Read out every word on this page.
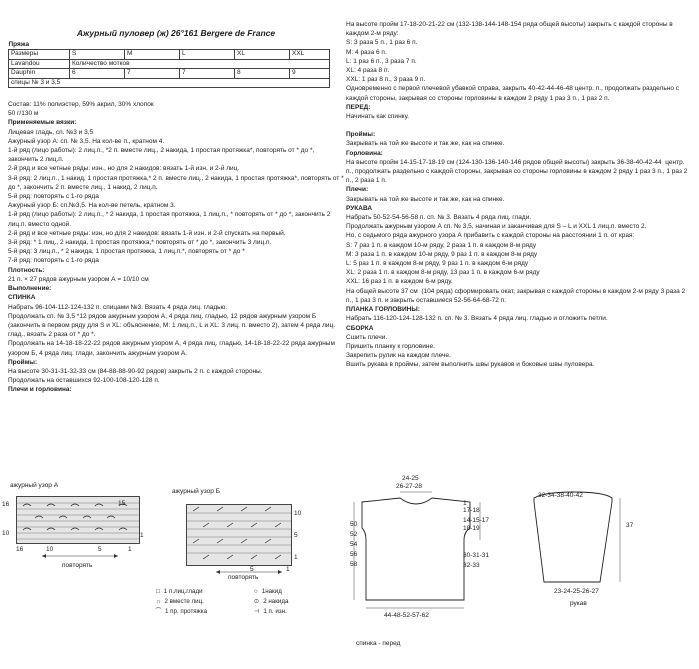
Ажурный пуловер (ж) 26°161 Bergere de France
Пряжа					
Размеры	S	M	L	XL	XXL
Lavandou	Количество мотков				
Dauphin	6	7	7	8	9
спицы № 3 и 3,5					

Состав: 11% полиэстер, 59% акрил, 30% хлопок

50 г/130 м

Применяемые вязки:

Лицевая гладь, сп. №3 и 3,5

Ажурный узор А: сп. № 3,5. На кол-ве п., кратном 4.

1-й ряд (лицо работы): 2 лиц.п., *2 п. вместе лиц., 2 накида, 1 простая протяжка*, повторять от * до *, закончить 2 лиц.п.

2-й ряд и все четные ряды: изн., но для 2 накидов: вязать 1-й изн. и 2-й лиц.

3-й ряд: 2 лиц.п., 1 накид, 1 простая протяжка,* 2 п. вместе лиц., 2 накида, 1 простая протяжка*, повторять от * до *, закончить 2 п. вместе лиц., 1 накид, 2 лиц.п.

5-й ряд: повторять с 1-го ряда

Ажурный узор Б: сп.№3,5. На кол-ве петель, кратном 3.

1-й ряд (лицо работы): 2 лиц.п., * 2 накида, 1 простая протяжка, 1 лиц.п., * повторять от * до *, закончить 2 лиц.п. вместо одной.

2-й ряд и все четные ряды: изн, но для 2 накидов: вязать 1-й изн. и 2-й спускать на первый.

3-й ряд: * 1 лиц., 2 накида, 1 простая протяжка,* повторять от * до *, закончить 3 лиц.п.

5-й ряд: 3 лиц.п., * 2 накида, 1 простая протяжка, 1 лиц.п.*, повторять от * до *

7-й ряд: повторять с 1-го ряда

Плотность:

21 п. × 27 рядов ажурным узором А = 10/10 см

Выполнение:

СПИНКА

Набрать 96-104-112-124-132 п. спицами №3. Вязать 4 ряда лиц. гладью.

Продолжать сп. № 3,5 *12 рядов ажурным узором А, 4 ряда лиц. гладью, 12 рядов ажурным узором Б (закончить в первом ряду для S и XL: объяснение, M: 1 лиц.п., L и XL: 3 лиц. п. вместо 2), затем 4 ряда лиц. глад., вязать 2 раза от * до *.

Продолжать на 14-18-18-22-22 рядов ажурным узором А, 4 ряда лиц. гладью, 14-18-18-22-22 ряда ажурным узором Б, 4 ряда лиц. глади, закончить ажурным узором А.

Проймы:

На высоте 30-31-31-32-33 см (84-88-88-90-92 рядов) закрыть 2 п. с каждой стороны.

Продолжать на оставшихся 92-100-108-120-128 п.

Плечи и горловина:

На высоте пройм 17-18-20-21-22 см (132-138-144-148-154 ряда общей высоты) закрыть с каждой стороны в каждом 2-м ряду:

S: 3 раза 5 п., 1 раз 6 п.

M: 4 раза 6 п.

L: 1 раз 6 п., 3 раза 7 п.

XL: 4 раза 8 п.

XXL: 1 раз 8 п., 3 раза 9 п.

Одновременно с первой плечевой убавкой справа, закрыть 40-42-44-46-48 центр. п., продолжать раздельно с каждой стороны, закрывая со стороны горловины в каждом 2 ряду 1 раз 3 п., 1 раз 2 п.

ПЕРЕД:

Начинать как спинку.

Проймы:

Закрывать на той же высоте и так же, как на спинке.

Горловина:

На высоте пройм 14-15-17-18-19 см (124-130-136-140-146 рядов общей высоты) закрыть 36-38-40-42-44  центр. п., продолжать раздельно с каждой стороны, закрывая со стороны горловины в каждом 2 ряду 1 раз 3 п., 1 раз 2 п., 2 раза 1 п.

Плечи:

Закрывать на той же высоте и так же, как на спинке.

РУКАВА

Набрать 50-52-54-56-58 п. сп. № 3. Вязать 4 ряда лиц. глади.

Продолжать ажурным узором А сп. № 3,5, начиная и заканчивая для S – L и XXL 1 лиц.п. вместо 2.

Но, с седьмого ряда ажурного узора А прибавить с каждой стороны на расстоянии 1 п. от края:

S: 7 раз 1 п. в каждом 10-м ряду, 2 раза 1 п. в каждом 8-м ряду

M: 3 раза 1 п. в каждом 10-м ряду, 9 раз 1 п. в каждом 8-м ряду

L: 5 раз 1 п. в каждом 8-м ряду, 9 раз 1 п. в каждом 6-м ряду

XL: 2 раза 1 п. в каждом 8-м ряду, 13 раз 1 п. в каждом 6-м ряду

XXL: 16 раз 1 п. в каждом 6-м ряду.

На общей высоте 37 см  (104 ряда) сформировать окат, закрывая с каждой стороны в каждом 2-м ряду 3 раза 2 п., 1 раз 3 п. и закрыть оставшиеся 52-56-64-68-72 п.

ПЛАНКА ГОРЛОВИНЫ:

Набрать 116-120-124-128-132 п. сп. № 3. Вязать 4 ряда лиц. гладью и отложить петли.

СБОРКА

Сшить плечи.

Пришить планку к горловине.

Закрепить рулик на каждом плече.

Вшить рукава в проймы, затем выполнить швы рукавов и боковые швы пуловера.

ажурный узор А
16
10
15
1
16	10	5	1
повторять
ажурный узор Б
10
5
1
5	1
повторять
□ 1 п.лиц.глади
∩ 2 вместе лиц.
⁀ 1 пр. протяжка
○ 1накид
⊙ 2 накида
⊣ 1 п. изн.
24-25
26-27-28
1
17-18
14-15-17
18-19
50
52
54
56
58
30-31-31
32-33
44-48-52-57-62
спинка - перед
32-34-38-40-42
37
23-24-25-26-27
рукав
